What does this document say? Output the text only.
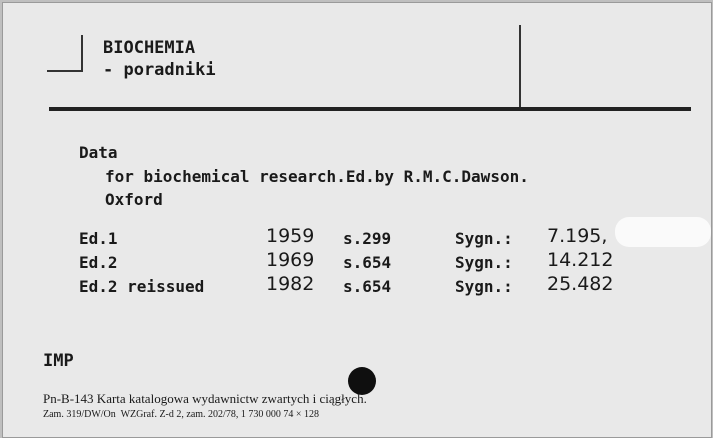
BIOCHEMIA
- poradniki
Data
for biochemical research.Ed.by R.M.C.Dawson.
Oxford
Ed.1	1959 s.299	Sygn.: 7.195,
Ed.2	1969 s.654	Sygn.: 14.212
Ed.2 reissued	1982 s.654	Sygn.: 25.482
IMP
Pn-B-143 Karta katalogowa wydawnictw zwartych i ciągłych.
Zam. 319/DW/On  WZGraf. Z-d 2, zam. 202/78, 1 730 000 74 × 128
